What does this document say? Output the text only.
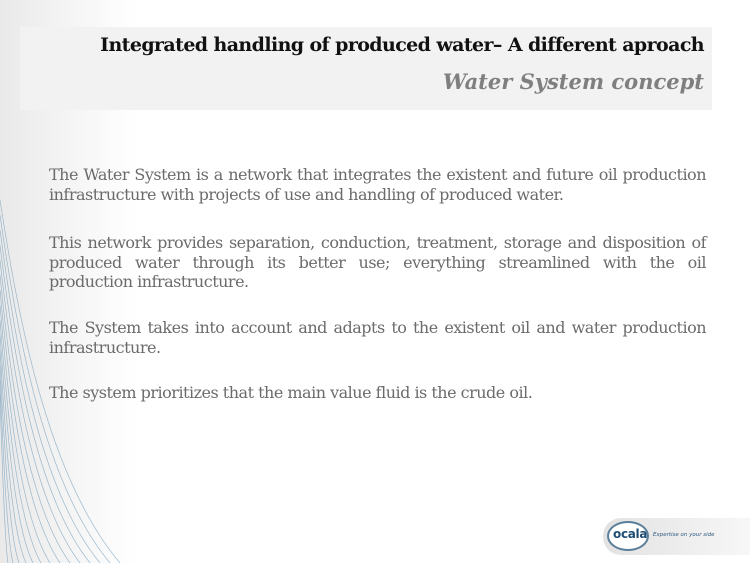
Integrated handling of produced water– A different aproach
Water System concept

The Water System is a network that integrates the existent and future oil production infrastructure with projects of use and handling of produced water.

This network provides separation, conduction, treatment, storage and disposition of produced water through its better use; everything streamlined with the oil production infrastructure.

The System takes into account and adapts to the existent oil and water production infrastructure.

The system prioritizes that the main value fluid is the crude oil.

ocala Expertise on your side
